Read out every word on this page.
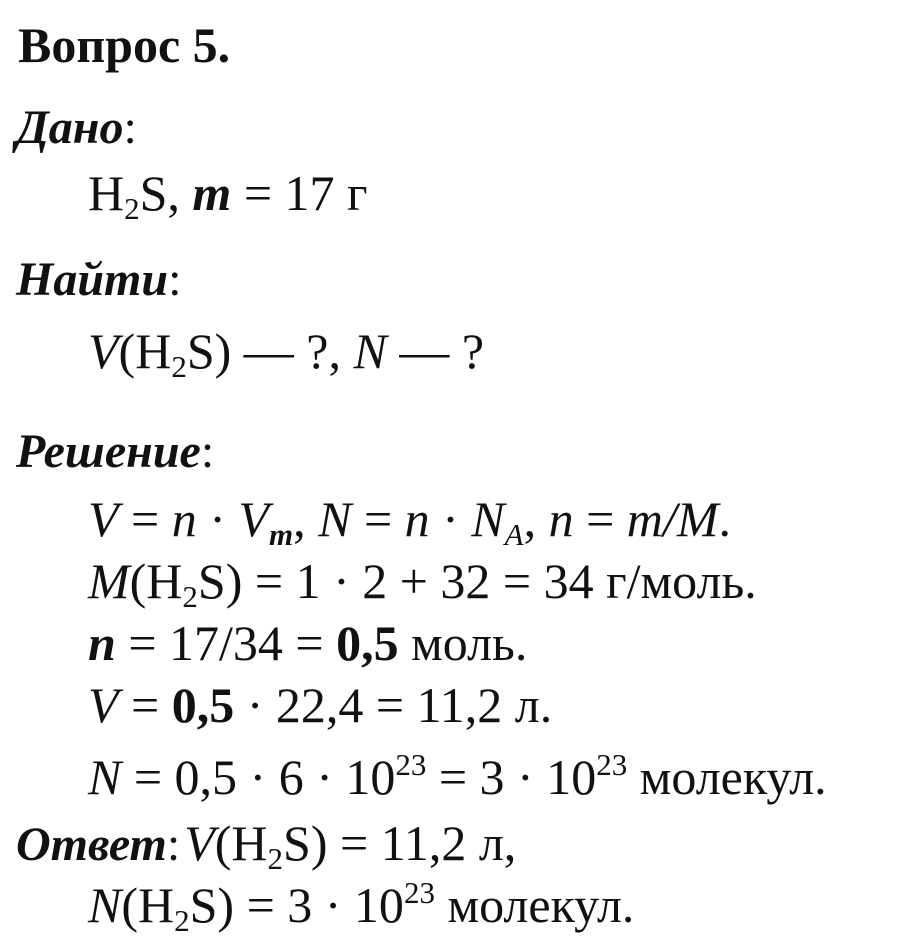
Вопрос 5.
Дано:
$H_2S$, m = 17 г
Найти:
$V(H_2S)$ — ?, N — ?
Решение:
$V = n \cdot V_m$, $N = n \cdot N_A$, n = m/M.
$M(H_2S) = 1 \cdot 2 + 32 = 34$ г/моль.
n = 17/34 = 0,5 моль.
V = 0,5 · 22,4 = 11,2 л.
$N = 0,5 \cdot 6 \cdot 10^{23} = 3 \cdot 10^{23}$ молекул.
Ответ: $V(H_2S) = 11,2$ л,
$N(H_2S) = 3 \cdot 10^{23}$ молекул.
